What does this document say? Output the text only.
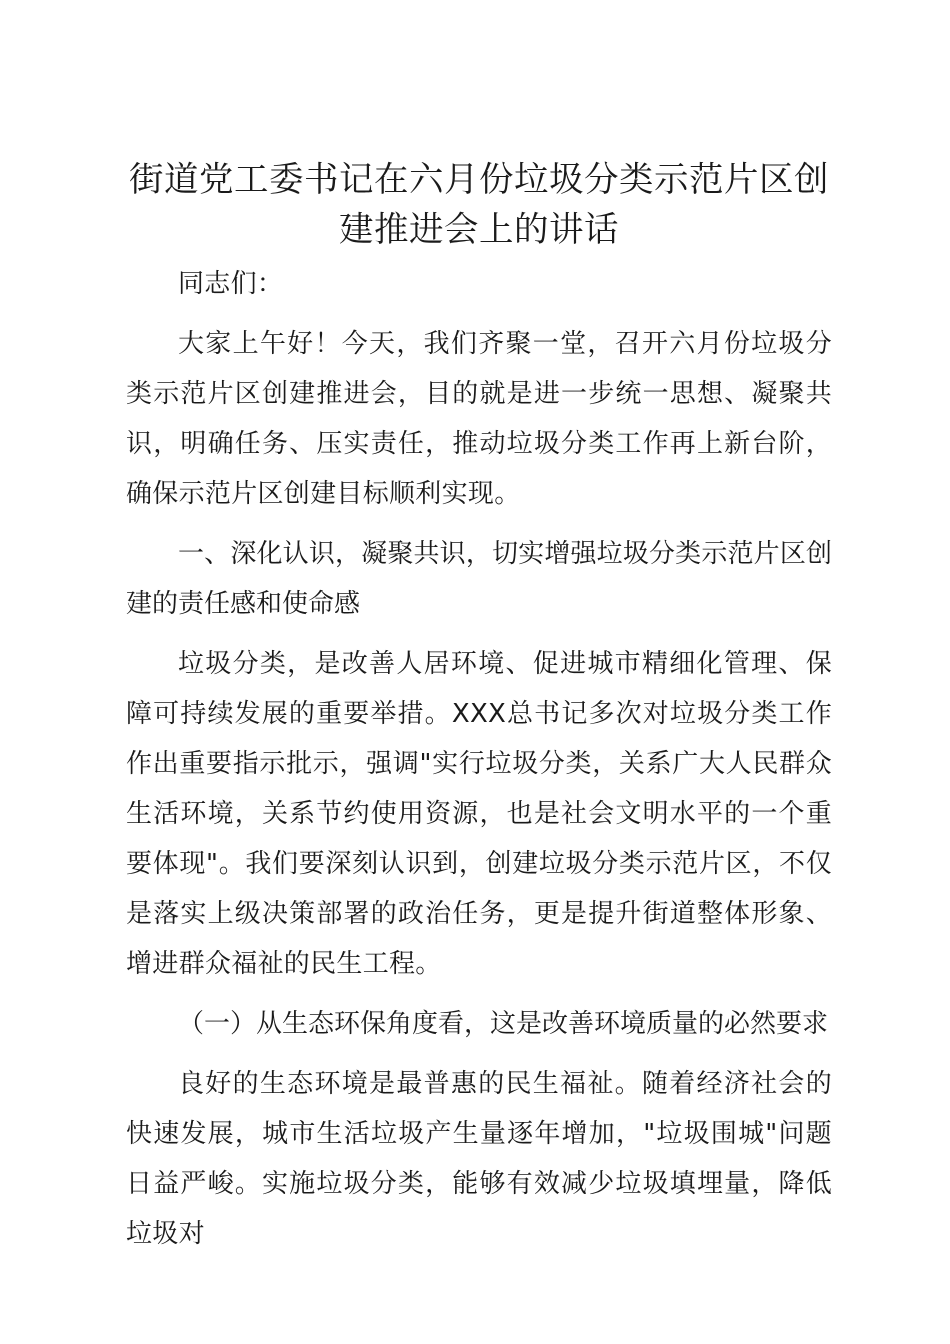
街道党工委书记在六月份垃圾分类示范片区创建推进会上的讲话

同志们：

大家上午好！今天，我们齐聚一堂，召开六月份垃圾分类示范片区创建推进会，目的就是进一步统一思想、凝聚共识，明确任务、压实责任，推动垃圾分类工作再上新台阶，确保示范片区创建目标顺利实现。

一、深化认识，凝聚共识，切实增强垃圾分类示范片区创建的责任感和使命感

垃圾分类，是改善人居环境、促进城市精细化管理、保障可持续发展的重要举措。XXX总书记多次对垃圾分类工作作出重要指示批示，强调"实行垃圾分类，关系广大人民群众生活环境，关系节约使用资源，也是社会文明水平的一个重要体现"。我们要深刻认识到，创建垃圾分类示范片区，不仅是落实上级决策部署的政治任务，更是提升街道整体形象、增进群众福祉的民生工程。

（一）从生态环保角度看，这是改善环境质量的必然要求

良好的生态环境是最普惠的民生福祉。随着经济社会的快速发展，城市生活垃圾产生量逐年增加，"垃圾围城"问题日益严峻。实施垃圾分类，能够有效减少垃圾填埋量，降低垃圾对
